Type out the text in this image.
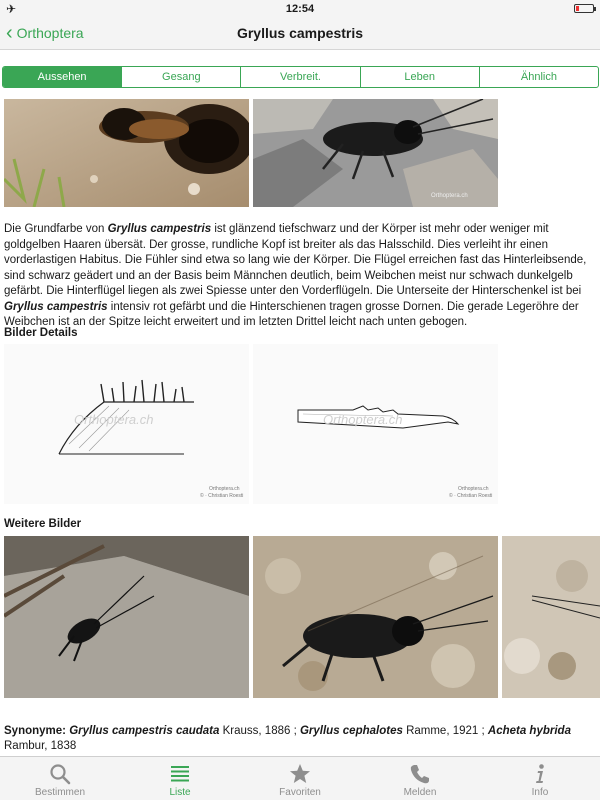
✈	12:54
‹ Orthoptera	Gryllus campestris
Aussehen	Gesang	Verbreit.	Leben	Ähnlich
Orthoptera.ch
Die Grundfarbe von Gryllus campestris ist glänzend tiefschwarz und der Körper ist mehr oder weniger mit goldgelben Haaren übersät. Der grosse, rundliche Kopf ist breiter als das Halsschild. Dies verleiht ihr einen vorderlastigen Habitus. Die Fühler sind etwa so lang wie der Körper. Die Flügel erreichen fast das Hinterleibsende, sind schwarz geädert und an der Basis beim Männchen deutlich, beim Weibchen meist nur schwach dunkelgelb gefärbt. Die Hinterflügel liegen als zwei Spiesse unter den Vorderflügeln. Die Unterseite der Hinterschenkel ist bei Gryllus campestris intensiv rot gefärbt und die Hinterschienen tragen grosse Dornen. Die gerade Legeröhre der Weibchen ist an der Spitze leicht erweitert und im letzten Drittel leicht nach unten gebogen.
Bilder Details
Orthoptera.ch
Orthoptera.ch
© · Christian Roesti
Orthoptera.ch
Orthoptera.ch
© · Christian Roesti
Weitere Bilder
Synonyme: Gryllus campestris caudata Krauss, 1886 ; Gryllus cephalotes Ramme, 1921 ; Acheta hybrida Rambur, 1838
Bestimmen	Liste	Favoriten	Melden	Info
